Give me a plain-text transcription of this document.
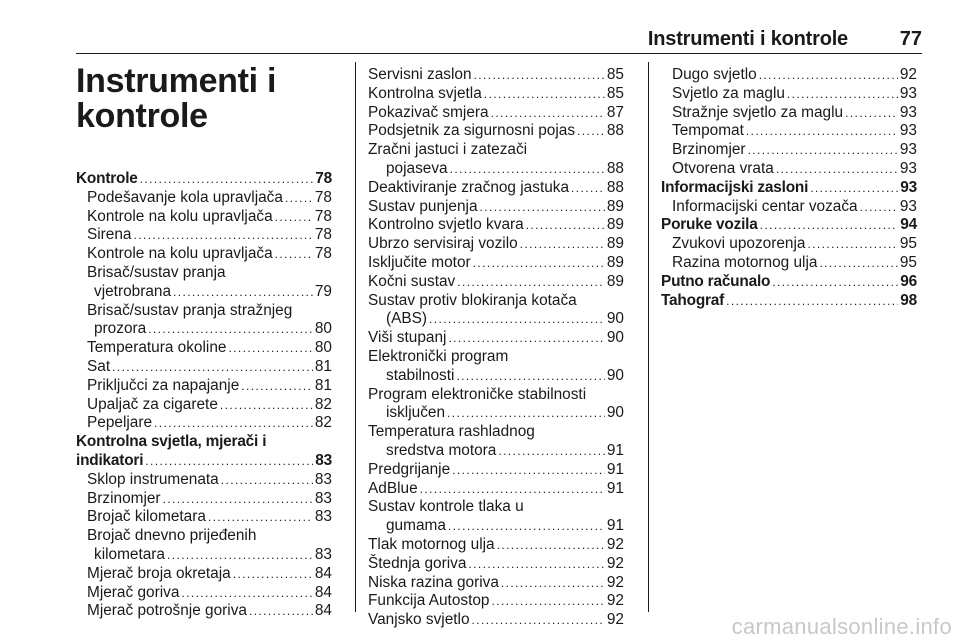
Instrumenti i kontrole	77
Instrumenti i
kontrole
Kontrole .....	78
Podešavanje kola upravljača ..... 78
Kontrole na kolu upravljača .....	78
Sirena .....	78
Kontrole na kolu upravljača .....	78
Brisač/sustav pranja
vjetrobrana .....	79
Brisač/sustav pranja stražnjeg
prozora .....	80
Temperatura okoline .....	80
Sat .....	81
Priključci za napajanje .....	81
Upaljač za cigarete .....	82
Pepeljare .....	82
Kontrolna svjetla, mjerači i
indikatori .....	83
Sklop instrumenata .....	83
Brzinomjer .....	83
Brojač kilometara .....	83
Brojač dnevno prijeđenih
kilometara .....	83
Mjerač broja okretaja .....	84
Mjerač goriva .....	84
Mjerač potrošnje goriva .....	84
Servisni zaslon .....	85
Kontrolna svjetla .....	85
Pokazivač smjera .....	87
Podsjetnik za sigurnosni pojas ..... 88
Zračni jastuci i zatezači
pojaseva .....	88
Deaktiviranje zračnog jastuka ..... 88
Sustav punjenja .....	89
Kontrolno svjetlo kvara .....	89
Ubrzo servisiraj vozilo .....	89
Isključite motor .....	89
Kočni sustav .....	89
Sustav protiv blokiranja kotača
(ABS) .....	90
Viši stupanj .....	90
Elektronički program
stabilnosti .....	90
Program elektroničke stabilnosti
isključen .....	90
Temperatura rashladnog
sredstva motora .....	91
Predgrijanje .....	91
AdBlue .....	91
Sustav kontrole tlaka u
gumama .....	91
Tlak motornog ulja .....	92
Štednja goriva .....	92
Niska razina goriva .....	92
Funkcija Autostop .....	92
Vanjsko svjetlo .....	92
Dugo svjetlo .....	92
Svjetlo za maglu .....	93
Stražnje svjetlo za maglu .....	93
Tempomat .....	93
Brzinomjer .....	93
Otvorena vrata .....	93
Informacijski zasloni .....	93
Informacijski centar vozača .....	93
Poruke vozila .....	94
Zvukovi upozorenja .....	95
Razina motornog ulja .....	95
Putno računalo .....	96
Tahograf .....	98
carmanualsonline.info
